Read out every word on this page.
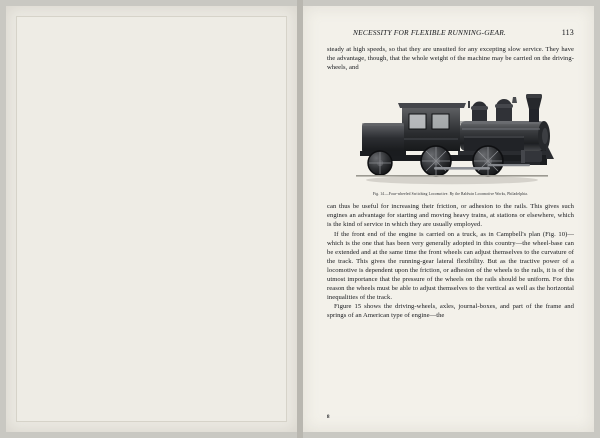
NECESSITY FOR FLEXIBLE RUNNING-GEAR.	113

steady at high speeds, so that they are unsuited for any excepting slow service. They have the advantage, though, that the whole weight of the machine may be carried on the driving-wheels, and

Fig. 14.—Four-wheeled Switching Locomotive. By the Baldwin Locomotive Works, Philadelphia.

can thus be useful for increasing their friction, or adhesion to the rails. This gives such engines an advantage for starting and moving heavy trains, at stations or elsewhere, which is the kind of service in which they are usually employed.

If the front end of the engine is carried on a truck, as in Campbell's plan (Fig. 10)—which is the one that has been very generally adopted in this country—the wheel-base can be extended and at the same time the front wheels can adjust themselves to the curvature of the track. This gives the running-gear lateral flexibility. But as the tractive power of a locomotive is dependent upon the friction, or adhesion of the wheels to the rails, it is of the utmost importance that the pressure of the wheels on the rails should be uniform. For this reason the wheels must be able to adjust themselves to the vertical as well as the horizontal inequalities of the track.

Figure 15 shows the driving-wheels, axles, journal-boxes, and part of the frame and springs of an American type of engine—the

8
